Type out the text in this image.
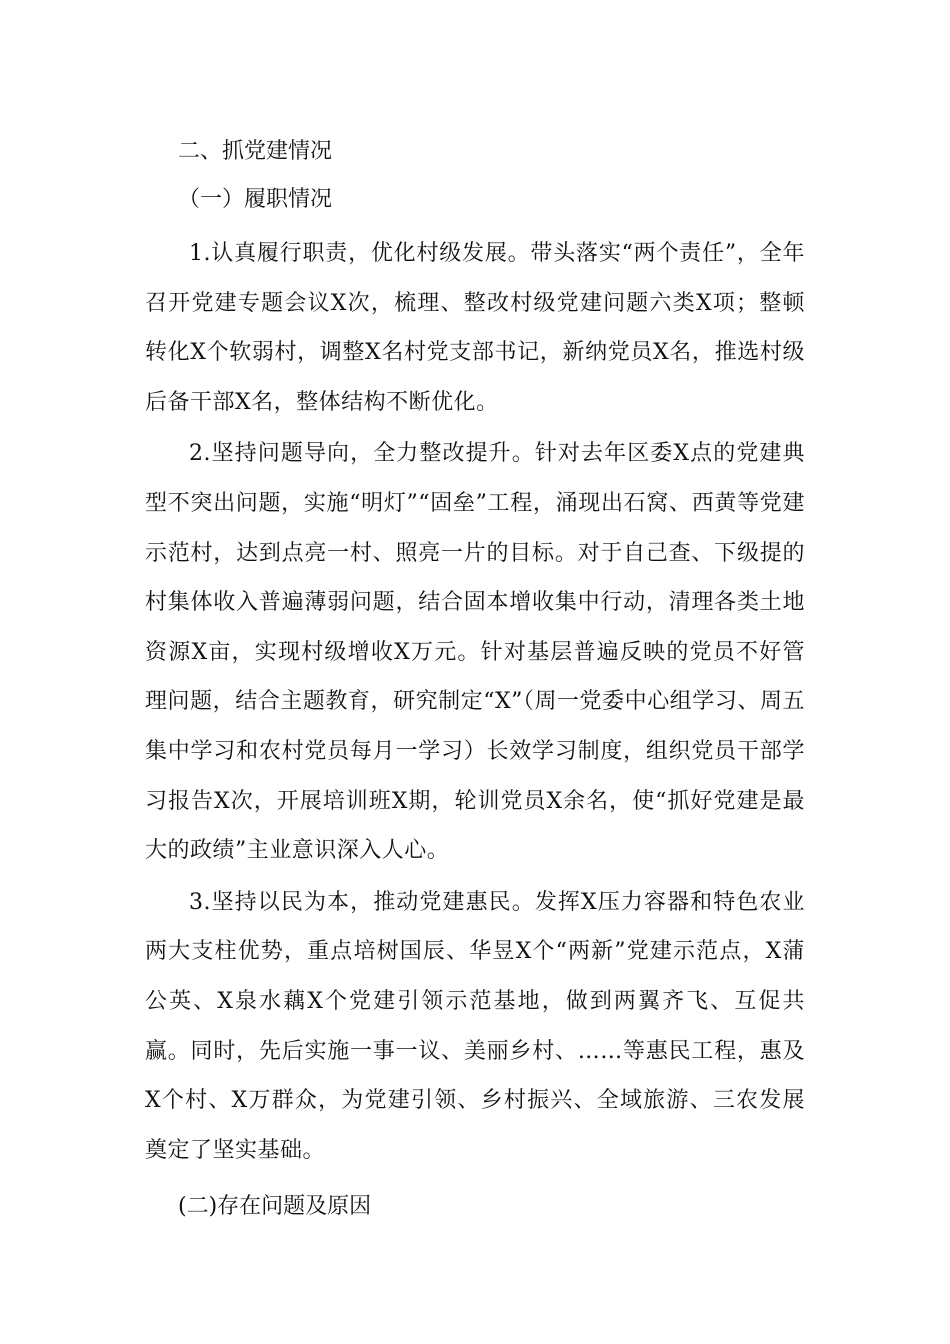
二、抓党建情况
（一）履职情况

1.认真履行职责，优化村级发展。带头落实“两个责任”，全年召开党建专题会议X次，梳理、整改村级党建问题六类X项；整顿转化X个软弱村，调整X名村党支部书记，新纳党员X名，推选村级后备干部X名，整体结构不断优化。

2.坚持问题导向，全力整改提升。针对去年区委X点的党建典型不突出问题，实施“明灯”“固垒”工程，涌现出石窝、西黄等党建示范村，达到点亮一村、照亮一片的目标。对于自己查、下级提的村集体收入普遍薄弱问题，结合固本增收集中行动，清理各类土地资源X亩，实现村级增收X万元。针对基层普遍反映的党员不好管理问题，结合主题教育，研究制定“X”（周一党委中心组学习、周五集中学习和农村党员每月一学习）长效学习制度，组织党员干部学习报告X次，开展培训班X期，轮训党员X余名，使“抓好党建是最大的政绩”主业意识深入人心。

3.坚持以民为本，推动党建惠民。发挥X压力容器和特色农业两大支柱优势，重点培树国辰、华昱X个“两新”党建示范点，X蒲公英、X泉水藕X个党建引领示范基地，做到两翼齐飞、互促共赢。同时，先后实施一事一议、美丽乡村、……等惠民工程，惠及X个村、X万群众，为党建引领、乡村振兴、全域旅游、三农发展奠定了坚实基础。

(二)存在问题及原因
